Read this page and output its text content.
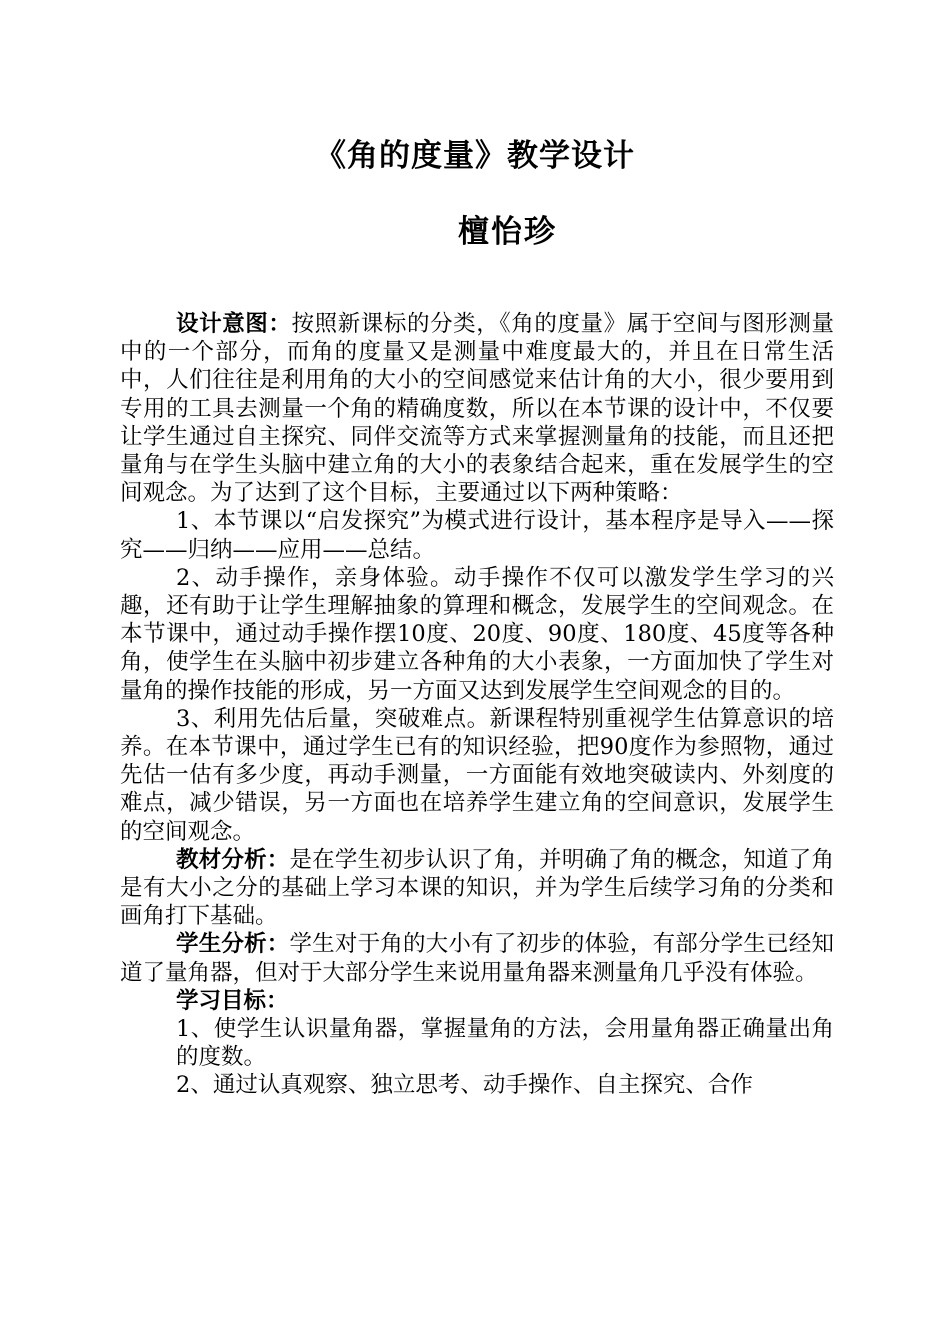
《角的度量》教学设计
檀怡珍

设计意图：按照新课标的分类，《角的度量》属于空间与图形测量中的一个部分，而角的度量又是测量中难度最大的，并且在日常生活中，人们往往是利用角的大小的空间感觉来估计角的大小，很少要用到专用的工具去测量一个角的精确度数，所以在本节课的设计中，不仅要让学生通过自主探究、同伴交流等方式来掌握测量角的技能，而且还把量角与在学生头脑中建立角的大小的表象结合起来，重在发展学生的空间观念。为了达到了这个目标，主要通过以下两种策略：

1、本节课以“启发探究”为模式进行设计，基本程序是导入——探究——归纳——应用——总结。

2、动手操作，亲身体验。动手操作不仅可以激发学生学习的兴趣，还有助于让学生理解抽象的算理和概念，发展学生的空间观念。在本节课中，通过动手操作摆10度、20度、90度、180度、45度等各种角，使学生在头脑中初步建立各种角的大小表象，一方面加快了学生对量角的操作技能的形成，另一方面又达到发展学生空间观念的目的。

3、利用先估后量，突破难点。新课程特别重视学生估算意识的培养。在本节课中，通过学生已有的知识经验，把90度作为参照物，通过先估一估有多少度，再动手测量，一方面能有效地突破读内、外刻度的难点，减少错误，另一方面也在培养学生建立角的空间意识，发展学生的空间观念。

教材分析：是在学生初步认识了角，并明确了角的概念，知道了角是有大小之分的基础上学习本课的知识，并为学生后续学习角的分类和画角打下基础。

学生分析：学生对于角的大小有了初步的体验，有部分学生已经知道了量角器，但对于大部分学生来说用量角器来测量角几乎没有体验。

学习目标：

1、使学生认识量角器，掌握量角的方法，会用量角器正确量出角的度数。

2、通过认真观察、独立思考、动手操作、自主探究、合作
